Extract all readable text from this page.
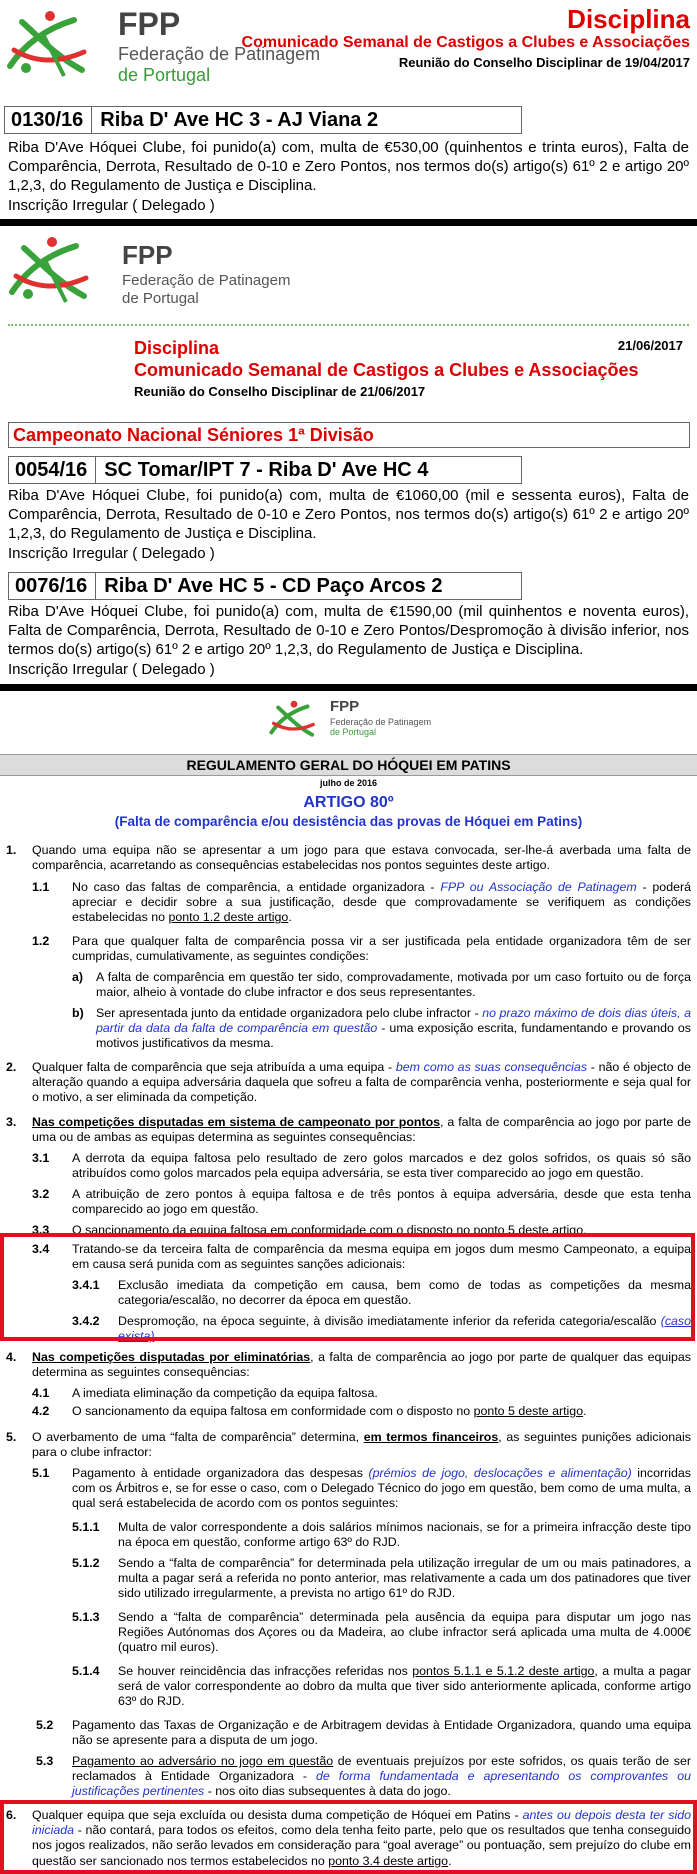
FPP
Federação de Patinagem
de Portugal
Disciplina
Comunicado Semanal de Castigos a Clubes e Associações
Reunião do Conselho Disciplinar de 19/04/2017
0130/16 Riba D' Ave HC 3 - AJ Viana 2
Riba D'Ave Hóquei Clube, foi punido(a) com, multa de €530,00 (quinhentos e trinta euros), Falta de Comparência, Derrota, Resultado de 0-10 e Zero Pontos, nos termos do(s) artigo(s) 61º 2 e artigo 20º 1,2,3, do Regulamento de Justiça e Disciplina.
Inscrição Irregular ( Delegado )
FPP
Federação de Patinagem
de Portugal
21/06/2017
Disciplina
Comunicado Semanal de Castigos a Clubes e Associações
Reunião do Conselho Disciplinar de 21/06/2017
Campeonato Nacional Séniores 1ª Divisão
0054/16 SC Tomar/IPT 7 - Riba D' Ave HC 4
Riba D'Ave Hóquei Clube, foi punido(a) com, multa de €1060,00 (mil e sessenta euros), Falta de Comparência, Derrota, Resultado de 0-10 e Zero Pontos, nos termos do(s) artigo(s) 61º 2 e artigo 20º 1,2,3, do Regulamento de Justiça e Disciplina.
Inscrição Irregular ( Delegado )
0076/16 Riba D' Ave HC 5 - CD Paço Arcos 2
Riba D'Ave Hóquei Clube, foi punido(a) com, multa de €1590,00 (mil quinhentos e noventa euros), Falta de Comparência, Derrota, Resultado de 0-10 e Zero Pontos/Despromoção à divisão inferior, nos termos do(s) artigo(s) 61º 2 e artigo 20º 1,2,3, do Regulamento de Justiça e Disciplina.
Inscrição Irregular ( Delegado )
FPP
Federação de Patinagem
de Portugal
REGULAMENTO GERAL DO HÓQUEI EM PATINS
julho de 2016
ARTIGO 80º
(Falta de comparência e/ou desistência das provas de Hóquei em Patins)
1. Quando uma equipa não se apresentar a um jogo para que estava convocada, ser-lhe-á averbada uma falta de comparência, acarretando as consequências estabelecidas nos pontos seguintes deste artigo.
1.1 No caso das faltas de comparência, a entidade organizadora - FPP ou Associação de Patinagem - poderá apreciar e decidir sobre a sua justificação, desde que comprovadamente se verifiquem as condições estabelecidas no ponto 1.2 deste artigo.
1.2 Para que qualquer falta de comparência possa vir a ser justificada pela entidade organizadora têm de ser cumpridas, cumulativamente, as seguintes condições:
a) A falta de comparência em questão ter sido, comprovadamente, motivada por um caso fortuito ou de força maior, alheio à vontade do clube infractor e dos seus representantes.
b) Ser apresentada junto da entidade organizadora pelo clube infractor - no prazo máximo de dois dias úteis, a partir da data da falta de comparência em questão - uma exposição escrita, fundamentando e provando os motivos justificativos da mesma.
2. Qualquer falta de comparência que seja atribuída a uma equipa - bem como as suas consequências - não é objecto de alteração quando a equipa adversária daquela que sofreu a falta de comparência venha, posteriormente e seja qual for o motivo, a ser eliminada da competição.
3. Nas competições disputadas em sistema de campeonato por pontos, a falta de comparência ao jogo por parte de uma ou de ambas as equipas determina as seguintes consequências:
3.1 A derrota da equipa faltosa pelo resultado de zero golos marcados e dez golos sofridos, os quais só são atribuídos como golos marcados pela equipa adversária, se esta tiver comparecido ao jogo em questão.
3.2 A atribuição de zero pontos à equipa faltosa e de três pontos à equipa adversária, desde que esta tenha comparecido ao jogo em questão.
3.3 O sancionamento da equipa faltosa em conformidade com o disposto no ponto 5 deste artigo.
3.4 Tratando-se da terceira falta de comparência da mesma equipa em jogos dum mesmo Campeonato, a equipa em causa será punida com as seguintes sanções adicionais:
3.4.1 Exclusão imediata da competição em causa, bem como de todas as competições da mesma categoria/escalão, no decorrer da época em questão.
3.4.2 Despromoção, na época seguinte, à divisão imediatamente inferior da referida categoria/escalão (caso exista).
4. Nas competições disputadas por eliminatórias, a falta de comparência ao jogo por parte de qualquer das equipas determina as seguintes consequências:
4.1 A imediata eliminação da competição da equipa faltosa.
4.2 O sancionamento da equipa faltosa em conformidade com o disposto no ponto 5 deste artigo.
5. O averbamento de uma “falta de comparência” determina, em termos financeiros, as seguintes punições adicionais para o clube infractor:
5.1 Pagamento à entidade organizadora das despesas (prémios de jogo, deslocações e alimentação) incorridas com os Árbitros e, se for esse o caso, com o Delegado Técnico do jogo em questão, bem como de uma multa, a qual será estabelecida de acordo com os pontos seguintes:
5.1.1 Multa de valor correspondente a dois salários mínimos nacionais, se for a primeira infracção deste tipo na época em questão, conforme artigo 63º do RJD.
5.1.2 Sendo a “falta de comparência” for determinada pela utilização irregular de um ou mais patinadores, a multa a pagar será a referida no ponto anterior, mas relativamente a cada um dos patinadores que tiver sido utilizado irregularmente, a prevista no artigo 61º do RJD.
5.1.3 Sendo a “falta de comparência” determinada pela ausência da equipa para disputar um jogo nas Regiões Autónomas dos Açores ou da Madeira, ao clube infractor será aplicada uma multa de 4.000€ (quatro mil euros).
5.1.4 Se houver reincidência das infracções referidas nos pontos 5.1.1 e 5.1.2 deste artigo, a multa a pagar será de valor correspondente ao dobro da multa que tiver sido anteriormente aplicada, conforme artigo 63º do RJD.
5.2 Pagamento das Taxas de Organização e de Arbitragem devidas à Entidade Organizadora, quando uma equipa não se apresente para a disputa de um jogo.
5.3 Pagamento ao adversário no jogo em questão de eventuais prejuízos por este sofridos, os quais terão de ser reclamados à Entidade Organizadora - de forma fundamentada e apresentando os comprovantes ou justificações pertinentes - nos oito dias subsequentes à data do jogo.
6. Qualquer equipa que seja excluída ou desista duma competição de Hóquei em Patins - antes ou depois desta ter sido iniciada - não contará, para todos os efeitos, como dela tenha feito parte, pelo que os resultados que tenha conseguido nos jogos realizados, não serão levados em consideração para “goal average” ou pontuação, sem prejuízo do clube em questão ser sancionado nos termos estabelecidos no ponto 3.4 deste artigo.
